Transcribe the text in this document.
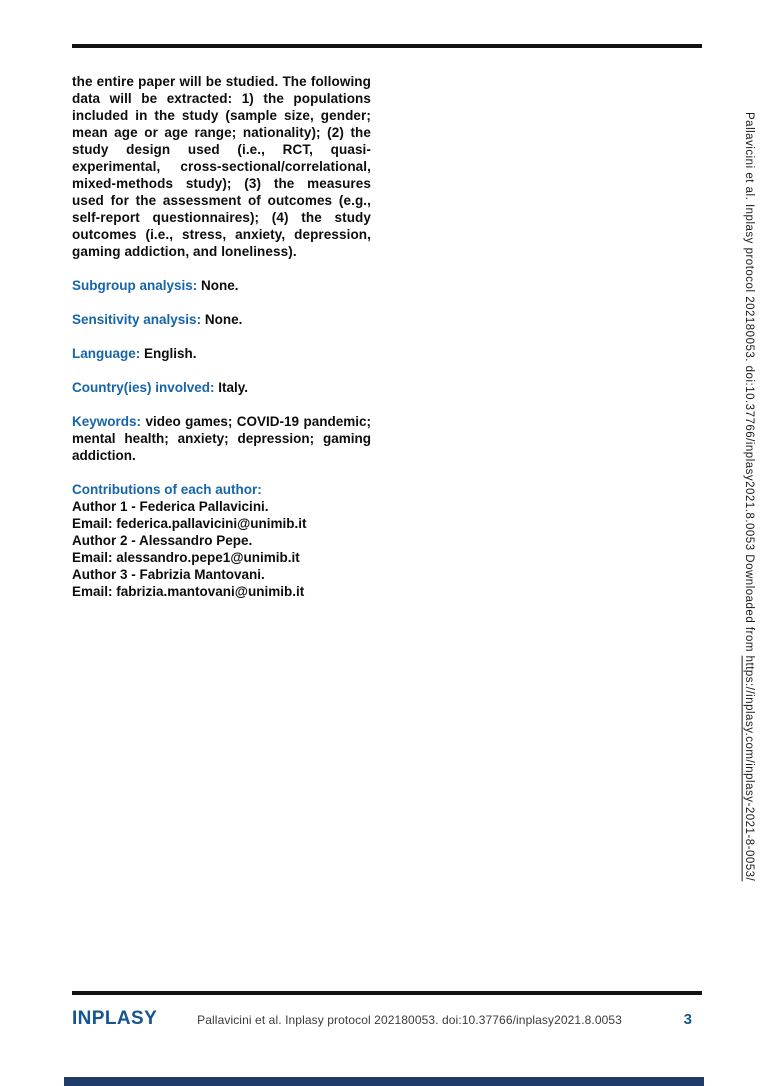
the entire paper will be studied. The following data will be extracted: 1) the populations included in the study (sample size, gender; mean age or age range; nationality); (2) the study design used (i.e., RCT, quasi-experimental, cross-sectional/correlational, mixed-methods study); (3) the measures used for the assessment of outcomes (e.g., self-report questionnaires); (4) the study outcomes (i.e., stress, anxiety, depression, gaming addiction, and loneliness).

Subgroup analysis: None.

Sensitivity analysis: None.

Language: English.

Country(ies) involved: Italy.

Keywords: video games; COVID-19 pandemic; mental health; anxiety; depression; gaming addiction.

Contributions of each author:

Author 1 - Federica Pallavicini.

Email: federica.pallavicini@unimib.it

Author 2 - Alessandro Pepe.

Email: alessandro.pepe1@unimib.it

Author 3 - Fabrizia Mantovani.

Email: fabrizia.mantovani@unimib.it	Pallavicini et al. Inplasy protocol 202180053. doi:10.37766/inplasy2021.8.0053 Downloaded from https://inplasy.com/inplasy-2021-8-0053/
INPLASY	Pallavicini et al. Inplasy protocol 202180053. doi:10.37766/inplasy2021.8.0053	3
